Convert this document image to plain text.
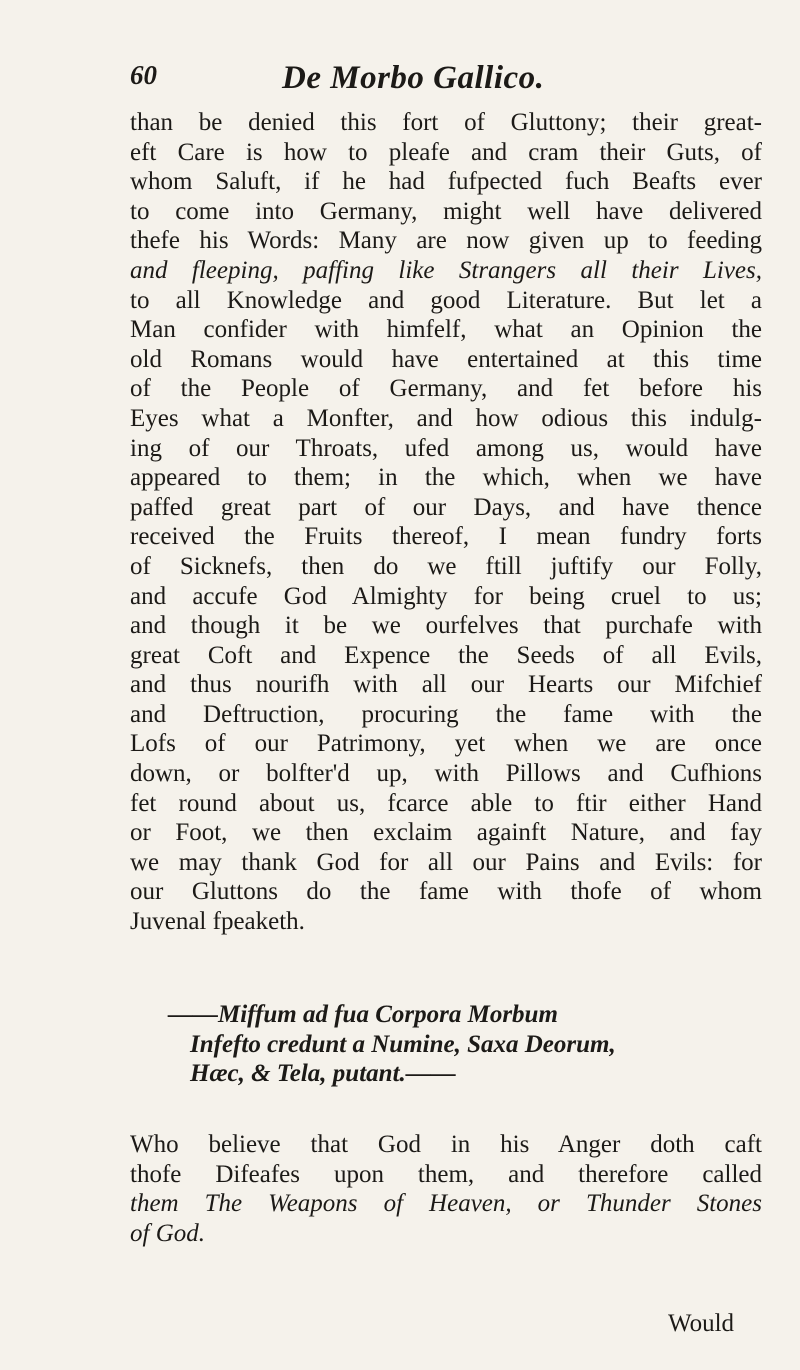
60	De Morbo Gallico.
than be denied this fort of Gluttony; their great-
eft Care is how to pleafe and cram their Guts, of
whom Saluft, if he had fufpected fuch Beafts ever
to come into Germany, might well have delivered
thefe his Words: Many are now given up to feeding
and fleeping, paffing like Strangers all their Lives,
to all Knowledge and good Literature. But let a
Man confider with himfelf, what an Opinion the
old Romans would have entertained at this time
of the People of Germany, and fet before his
Eyes what a Monfter, and how odious this indulg-
ing of our Throats, ufed among us, would have
appeared to them; in the which, when we have
paffed great part of our Days, and have thence
received the Fruits thereof, I mean fundry forts
of Sicknefs, then do we ftill juftify our Folly,
and accufe God Almighty for being cruel to us;
and though it be we ourfelves that purchafe with
great Coft and Expence the Seeds of all Evils,
and thus nourifh with all our Hearts our Mifchief
and Deftruction, procuring the fame with the
Lofs of our Patrimony, yet when we are once
down, or bolfter'd up, with Pillows and Cufhions
fet round about us, fcarce able to ftir either Hand
or Foot, we then exclaim againft Nature, and fay
we may thank God for all our Pains and Evils: for
our Gluttons do the fame with thofe of whom
Juvenal fpeaketh.
——Miffum ad fua Corpora Morbum
Infefto credunt a Numine, Saxa Deorum,
Hæc, & Tela, putant.——
Who believe that God in his Anger doth caft
thofe Difeafes upon them, and therefore called
them The Weapons of Heaven, or Thunder Stones
of God.
Would
